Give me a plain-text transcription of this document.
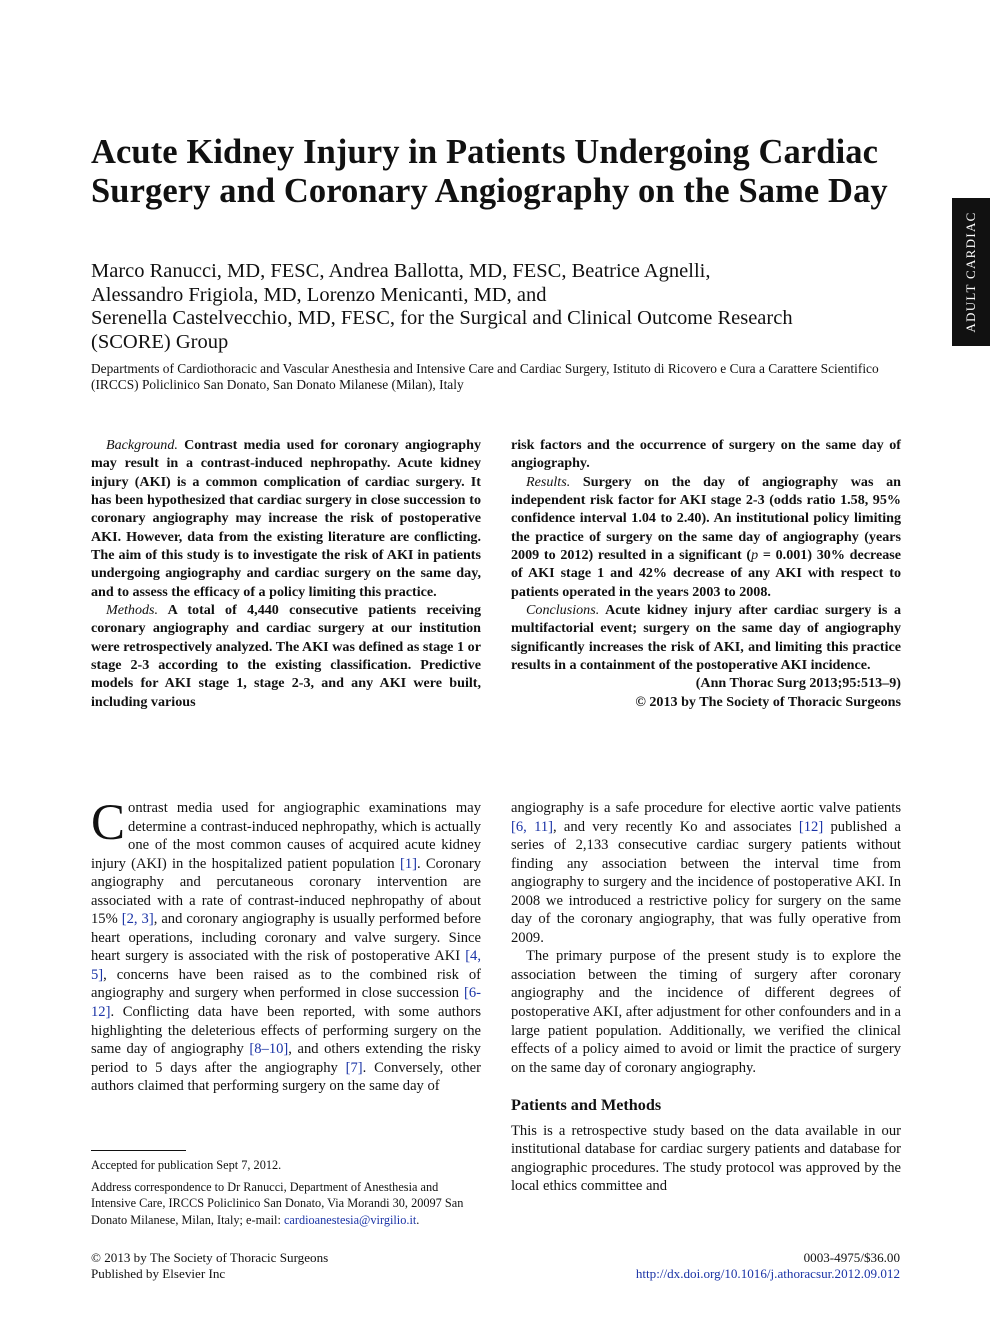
ADULT CARDIAC
Acute Kidney Injury in Patients Undergoing Cardiac Surgery and Coronary Angiography on the Same Day
Marco Ranucci, MD, FESC, Andrea Ballotta, MD, FESC, Beatrice Agnelli,
Alessandro Frigiola, MD, Lorenzo Menicanti, MD, and
Serenella Castelvecchio, MD, FESC, for the Surgical and Clinical Outcome Research
(SCORE) Group
Departments of Cardiothoracic and Vascular Anesthesia and Intensive Care and Cardiac Surgery, Istituto di Ricovero e Cura a Carattere Scientifico (IRCCS) Policlinico San Donato, San Donato Milanese (Milan), Italy

Background. Contrast media used for coronary angiography may result in a contrast-induced nephropathy. Acute kidney injury (AKI) is a common complication of cardiac surgery. It has been hypothesized that cardiac surgery in close succession to coronary angiography may increase the risk of postoperative AKI. However, data from the existing literature are conflicting. The aim of this study is to investigate the risk of AKI in patients undergoing angiography and cardiac surgery on the same day, and to assess the efficacy of a policy limiting this practice.

Methods. A total of 4,440 consecutive patients receiving coronary angiography and cardiac surgery at our institution were retrospectively analyzed. The AKI was defined as stage 1 or stage 2-3 according to the existing classification. Predictive models for AKI stage 1, stage 2-3, and any AKI were built, including various

risk factors and the occurrence of surgery on the same day of angiography.

Results. Surgery on the day of angiography was an independent risk factor for AKI stage 2-3 (odds ratio 1.58, 95% confidence interval 1.04 to 2.40). An institutional policy limiting the practice of surgery on the same day of angiography (years 2009 to 2012) resulted in a significant (p = 0.001) 30% decrease of AKI stage 1 and 42% decrease of any AKI with respect to patients operated in the years 2003 to 2008.

Conclusions. Acute kidney injury after cardiac surgery is a multifactorial event; surgery on the same day of angiography significantly increases the risk of AKI, and limiting this practice results in a containment of the postoperative AKI incidence.

(Ann Thorac Surg 2013;95:513–9)
© 2013 by The Society of Thoracic Surgeons

Contrast media used for angiographic examinations may determine a contrast-induced nephropathy, which is actually one of the most common causes of acquired acute kidney injury (AKI) in the hospitalized patient population [1]. Coronary angiography and percutaneous coronary intervention are associated with a rate of contrast-induced nephropathy of about 15% [2, 3], and coronary angiography is usually performed before heart operations, including coronary and valve surgery. Since heart surgery is associated with the risk of postoperative AKI [4, 5], concerns have been raised as to the combined risk of angiography and surgery when performed in close succession [6-12]. Conflicting data have been reported, with some authors highlighting the deleterious effects of performing surgery on the same day of angiography [8–10], and others extending the risky period to 5 days after the angiography [7]. Conversely, other authors claimed that performing surgery on the same day of

angiography is a safe procedure for elective aortic valve patients [6, 11], and very recently Ko and associates [12] published a series of 2,133 consecutive cardiac surgery patients without finding any association between the interval time from angiography to surgery and the incidence of postoperative AKI. In 2008 we introduced a restrictive policy for surgery on the same day of the coronary angiography, that was fully operative from 2009.

The primary purpose of the present study is to explore the association between the timing of surgery after coronary angiography and the incidence of different degrees of postoperative AKI, after adjustment for other confounders and in a large patient population. Additionally, we verified the clinical effects of a policy aimed to avoid or limit the practice of surgery on the same day of coronary angiography.

Patients and Methods

This is a retrospective study based on the data available in our institutional database for cardiac surgery patients and database for angiographic procedures. The study protocol was approved by the local ethics committee and

Accepted for publication Sept 7, 2012.

Address correspondence to Dr Ranucci, Department of Anesthesia and Intensive Care, IRCCS Policlinico San Donato, Via Morandi 30, 20097 San Donato Milanese, Milan, Italy; e-mail: cardioanestesia@virgilio.it.

© 2013 by The Society of Thoracic Surgeons
Published by Elsevier Inc
0003-4975/$36.00
http://dx.doi.org/10.1016/j.athoracsur.2012.09.012
